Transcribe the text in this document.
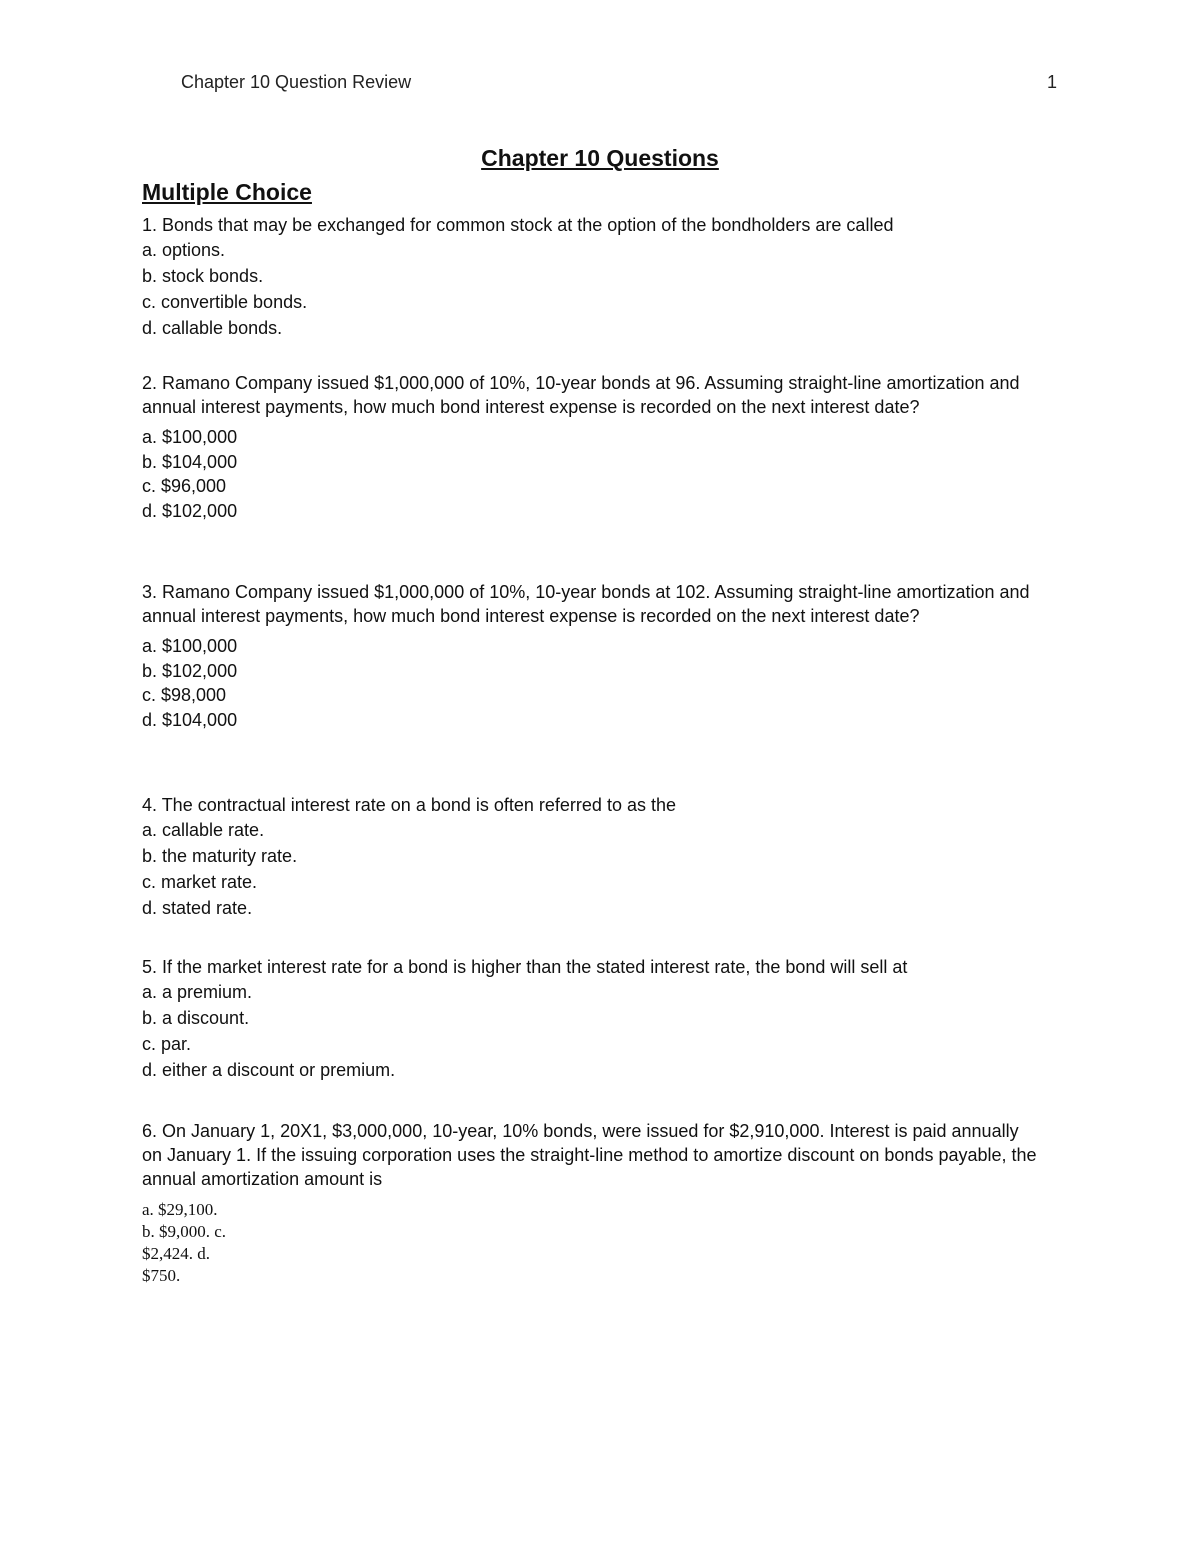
Chapter 10 Question Review	1
Chapter 10 Questions
Multiple Choice

1. Bonds that may be exchanged for common stock at the option of the bondholders are called

a. options.
b. stock bonds.
c. convertible bonds.
d. callable bonds.

2. Ramano Company issued $1,000,000 of 10%, 10-year bonds at 96. Assuming straight-line amortization and annual interest payments, how much bond interest expense is recorded on the next interest date?

a. $100,000
b. $104,000
c. $96,000
d. $102,000

3. Ramano Company issued $1,000,000 of 10%, 10-year bonds at 102. Assuming straight-line amortization and annual interest payments, how much bond interest expense is recorded on the next interest date?

a. $100,000
b. $102,000
c. $98,000
d. $104,000

4. The contractual interest rate on a bond is often referred to as the

a. callable rate.
b. the maturity rate.
c. market rate.
d. stated rate.

5. If the market interest rate for a bond is higher than the stated interest rate, the bond will sell at

a. a premium.
b. a discount.
c. par.
d. either a discount or premium.

6. On January 1, 20X1, $3,000,000, 10-year, 10% bonds, were issued for $2,910,000. Interest is paid annually on January 1. If the issuing corporation uses the straight-line method to amortize discount on bonds payable, the annual amortization amount is

a. $29,100.
b. $9,000. c.
$2,424. d.
$750.
